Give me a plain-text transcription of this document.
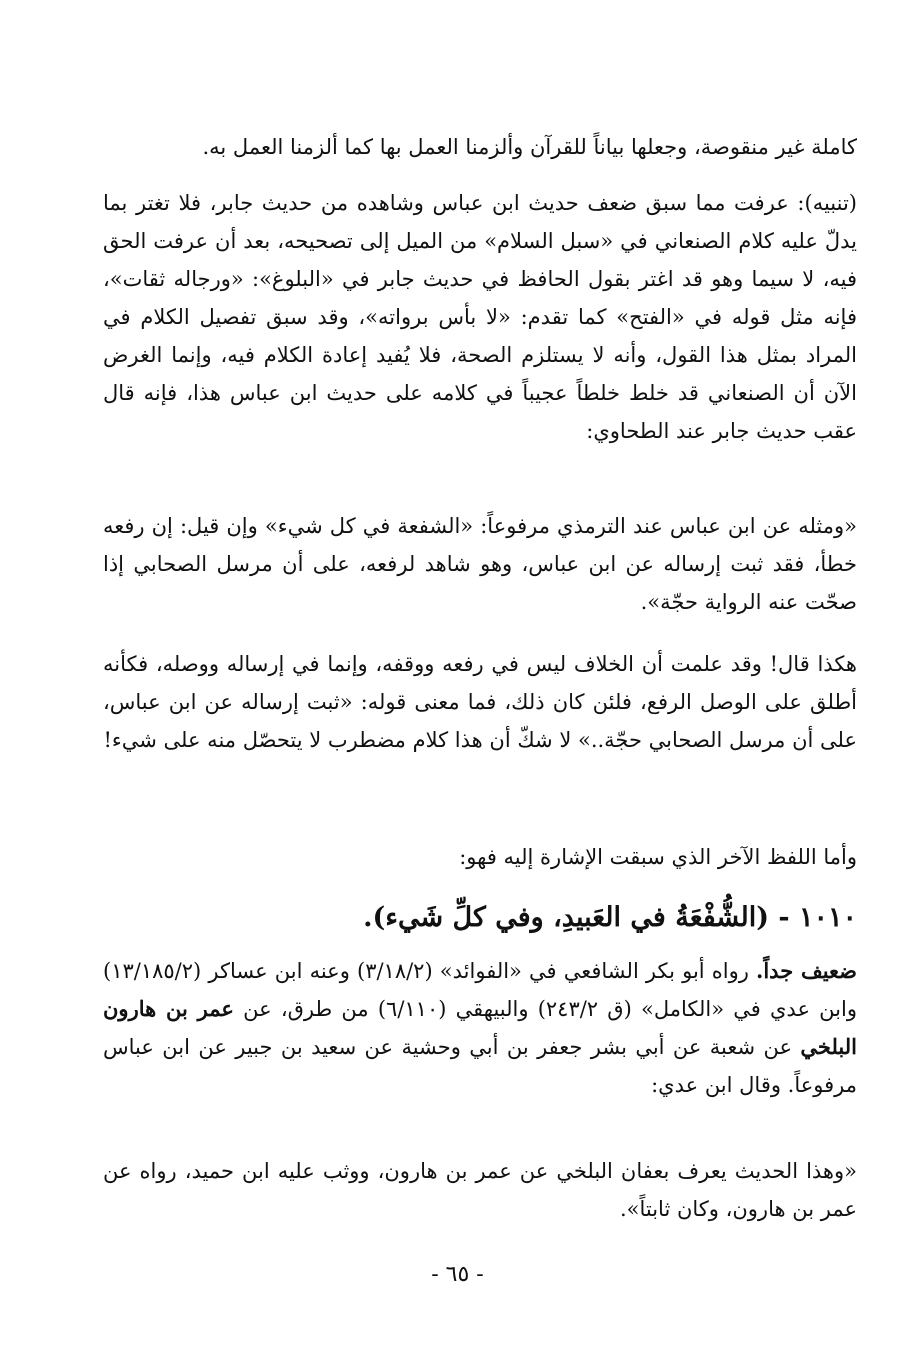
كاملة غير منقوصة، وجعلها بياناً للقرآن وألزمنا العمل بها كما ألزمنا العمل به.

(تنبيه): عرفت مما سبق ضعف حديث ابن عباس وشاهده من حديث جابر، فلا تغتر بما يدلّ عليه كلام الصنعاني في «سبل السلام» من الميل إلى تصحيحه، بعد أن عرفت الحق فيه، لا سيما وهو قد اغتر بقول الحافظ في حديث جابر في «البلوغ»: «ورجاله ثقات»، فإنه مثل قوله في «الفتح» كما تقدم: «لا بأس برواته»، وقد سبق تفصيل الكلام في المراد بمثل هذا القول، وأنه لا يستلزم الصحة، فلا يُفيد إعادة الكلام فيه، وإنما الغرض الآن أن الصنعاني قد خلط خلطاً عجيباً في كلامه على حديث ابن عباس هذا، فإنه قال عقب حديث جابر عند الطحاوي:

«ومثله عن ابن عباس عند الترمذي مرفوعاً: «الشفعة في كل شيء» وإن قيل: إن رفعه خطأ، فقد ثبت إرساله عن ابن عباس، وهو شاهد لرفعه، على أن مرسل الصحابي إذا صحّت عنه الرواية حجّة».

هكذا قال! وقد علمت أن الخلاف ليس في رفعه ووقفه، وإنما في إرساله ووصله، فكأنه أطلق على الوصل الرفع، فلئن كان ذلك، فما معنى قوله: «ثبت إرساله عن ابن عباس، على أن مرسل الصحابي حجّة..» لا شكّ أن هذا كلام مضطرب لا يتحصّل منه على شيء!

وأما اللفظ الآخر الذي سبقت الإشارة إليه فهو:

١٠١٠ - (الشُّفْعَةُ في العَبيدِ، وفي كلِّ شَيء).

ضعيف جداً. رواه أبو بكر الشافعي في «الفوائد» (٣/١٨/٢) وعنه ابن عساكر (١٣/١٨٥/٢) وابن عدي في «الكامل» (ق ٢٤٣/٢) والبيهقي (٦/١١٠) من طرق، عن عمر بن هارون البلخي عن شعبة عن أبي بشر جعفر بن أبي وحشية عن سعيد بن جبير عن ابن عباس مرفوعاً. وقال ابن عدي:

«وهذا الحديث يعرف بعفان البلخي عن عمر بن هارون، ووثب عليه ابن حميد، رواه عن عمر بن هارون، وكان ثابتاً».

- ٦٥ -
